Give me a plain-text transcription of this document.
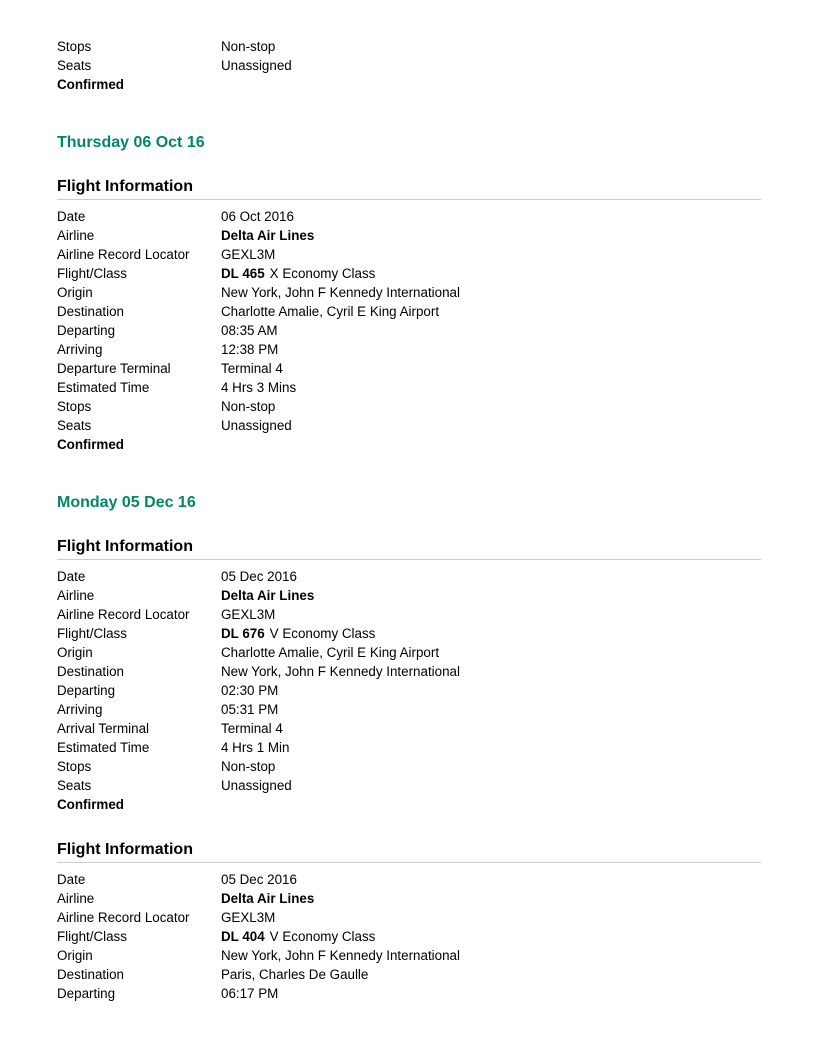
Stops	Non-stop
Seats	Unassigned
Confirmed
Thursday 06 Oct 16
Flight Information
Date	06 Oct 2016
Airline	Delta Air Lines
Airline Record Locator	GEXL3M
Flight/Class	DL 465 X Economy Class
Origin	New York, John F Kennedy International
Destination	Charlotte Amalie, Cyril E King Airport
Departing	08:35 AM
Arriving	12:38 PM
Departure Terminal	Terminal 4
Estimated Time	4 Hrs 3 Mins
Stops	Non-stop
Seats	Unassigned
Confirmed
Monday 05 Dec 16
Flight Information
Date	05 Dec 2016
Airline	Delta Air Lines
Airline Record Locator	GEXL3M
Flight/Class	DL 676 V Economy Class
Origin	Charlotte Amalie, Cyril E King Airport
Destination	New York, John F Kennedy International
Departing	02:30 PM
Arriving	05:31 PM
Arrival Terminal	Terminal 4
Estimated Time	4 Hrs 1 Min
Stops	Non-stop
Seats	Unassigned
Confirmed
Flight Information
Date	05 Dec 2016
Airline	Delta Air Lines
Airline Record Locator	GEXL3M
Flight/Class	DL 404 V Economy Class
Origin	New York, John F Kennedy International
Destination	Paris, Charles De Gaulle
Departing	06:17 PM
